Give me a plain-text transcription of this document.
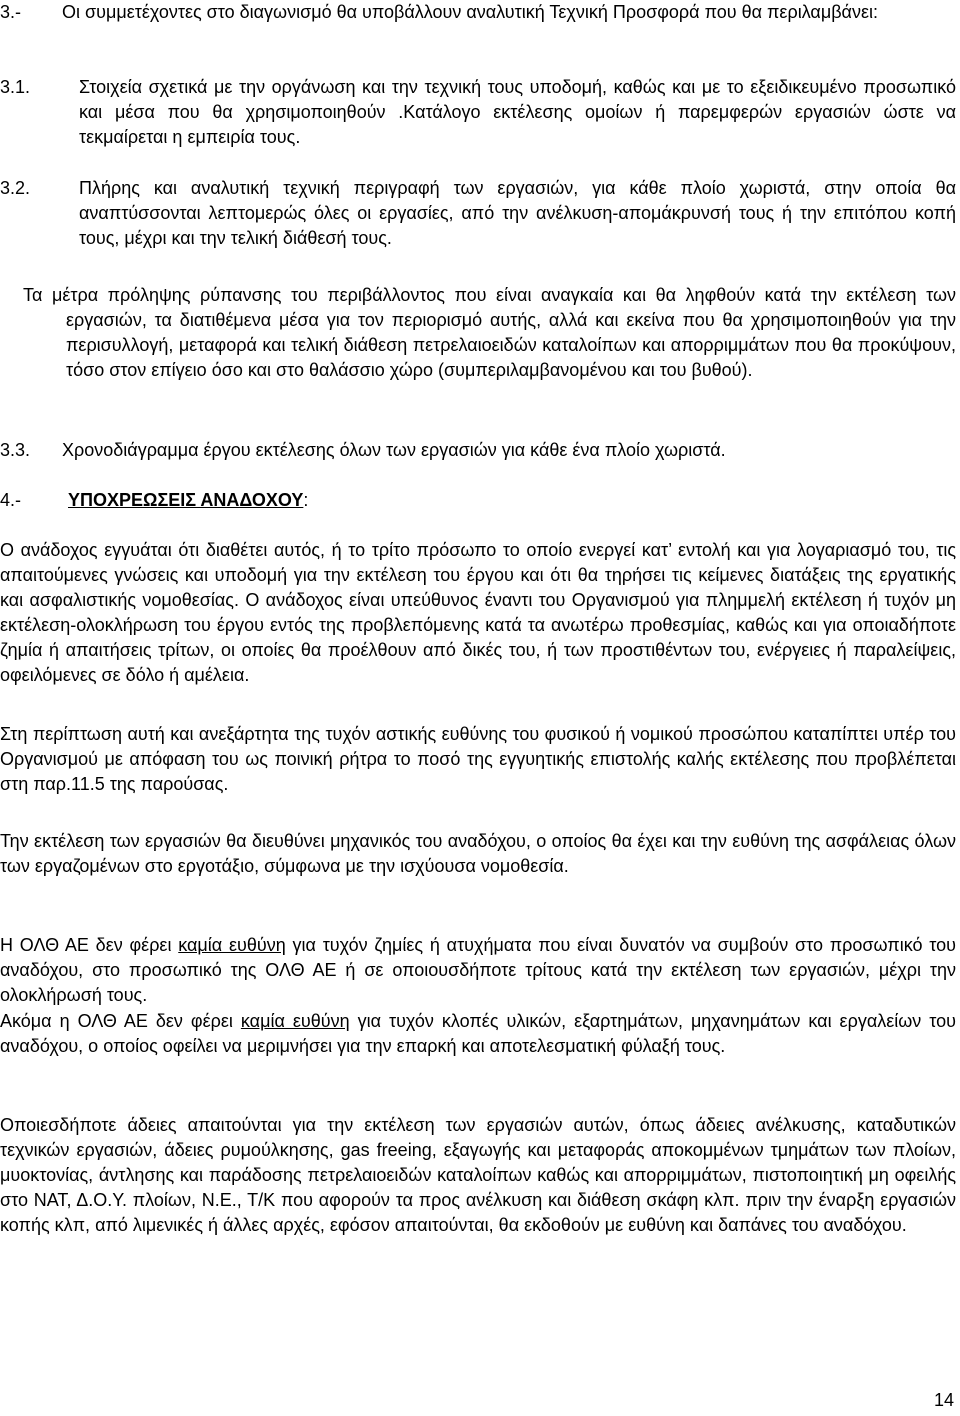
3.- Οι συμμετέχοντες στο διαγωνισμό θα υποβάλλουν αναλυτική Τεχνική Προσφορά που θα περιλαμβάνει:
3.1.	Στοιχεία σχετικά με την οργάνωση και την τεχνική τους υποδομή, καθώς και με το εξειδικευμένο προσωπικό και μέσα που θα χρησιμοποιηθούν .Κατάλογο εκτέλεσης ομοίων ή παρεμφερών εργασιών ώστε να τεκμαίρεται η εμπειρία τους.
3.2.	Πλήρης και αναλυτική τεχνική περιγραφή των εργασιών, για κάθε πλοίο χωριστά, στην οποία θα αναπτύσσονται λεπτομερώς όλες οι εργασίες, από την ανέλκυση-απομάκρυνσή τους ή την επιτόπου κοπή τους, μέχρι και την τελική διάθεσή τους.
Τα μέτρα πρόληψης ρύπανσης του περιβάλλοντος που είναι αναγκαία και θα ληφθούν κατά την εκτέλεση των εργασιών, τα διατιθέμενα μέσα για τον περιορισμό αυτής, αλλά και εκείνα που θα χρησιμοποιηθούν για την περισυλλογή, μεταφορά και τελική διάθεση πετρελαιοειδών καταλοίπων και απορριμμάτων που θα προκύψουν, τόσο στον επίγειο όσο και στο θαλάσσιο χώρο (συμπεριλαμβανομένου και του βυθού).
3.3. Χρονοδιάγραμμα έργου εκτέλεσης όλων των εργασιών για κάθε ένα πλοίο χωριστά.
4.-	ΥΠΟΧΡΕΩΣΕΙΣ ΑΝΑΔΟΧΟΥ:
Ο ανάδοχος εγγυάται ότι διαθέτει αυτός, ή το τρίτο πρόσωπο το οποίο ενεργεί κατ’ εντολή και για λογαριασμό του, τις απαιτούμενες γνώσεις και υποδομή για την εκτέλεση του έργου και ότι θα τηρήσει τις κείμενες διατάξεις της εργατικής και ασφαλιστικής νομοθεσίας. Ο ανάδοχος είναι υπεύθυνος έναντι του Οργανισμού για πλημμελή εκτέλεση ή τυχόν μη εκτέλεση-ολοκλήρωση του έργου εντός της προβλεπόμενης κατά τα ανωτέρω προθεσμίας, καθώς και για οποιαδήποτε ζημία ή απαιτήσεις τρίτων, οι οποίες θα προέλθουν από δικές του, ή των προστιθέντων του, ενέργειες ή παραλείψεις, οφειλόμενες σε δόλο ή αμέλεια.
Στη περίπτωση αυτή και ανεξάρτητα της τυχόν αστικής ευθύνης του φυσικού ή νομικού προσώπου καταπίπτει υπέρ του Οργανισμού με απόφαση του ως ποινική ρήτρα το ποσό της εγγυητικής επιστολής καλής εκτέλεσης που προβλέπεται στη παρ.11.5 της παρούσας.
Την εκτέλεση των εργασιών θα διευθύνει μηχανικός του αναδόχου, ο οποίος θα έχει και την ευθύνη της ασφάλειας όλων των εργαζομένων στο εργοτάξιο, σύμφωνα με την ισχύουσα νομοθεσία.
Η ΟΛΘ ΑΕ δεν φέρει καμία ευθύνη για τυχόν ζημίες ή ατυχήματα που είναι δυνατόν να συμβούν στο προσωπικό του αναδόχου, στο προσωπικό της ΟΛΘ ΑΕ ή σε οποιουσδήποτε τρίτους κατά την εκτέλεση των εργασιών, μέχρι την ολοκλήρωσή τους.
Ακόμα η ΟΛΘ ΑΕ δεν φέρει καμία ευθύνη για τυχόν κλοπές υλικών, εξαρτημάτων, μηχανημάτων και εργαλείων του αναδόχου, ο οποίος οφείλει να μεριμνήσει για την επαρκή και αποτελεσματική φύλαξή τους.
Οποιεσδήποτε άδειες απαιτούνται για την εκτέλεση των εργασιών αυτών, όπως άδειες ανέλκυσης, καταδυτικών τεχνικών εργασιών, άδειες ρυμούλκησης, gas freeing, εξαγωγής και μεταφοράς αποκομμένων τμημάτων των πλοίων, μυοκτονίας, άντλησης και παράδοσης πετρελαιοειδών καταλοίπων καθώς και απορριμμάτων, πιστοποιητική μη οφειλής στο ΝΑΤ, Δ.Ο.Υ. πλοίων, Ν.Ε., Τ/Κ που αφορούν τα προς ανέλκυση και διάθεση σκάφη κλπ. πριν την έναρξη εργασιών κοπής κλπ, από λιμενικές ή άλλες αρχές, εφόσον απαιτούνται, θα εκδοθούν με ευθύνη και δαπάνες του αναδόχου.
14
